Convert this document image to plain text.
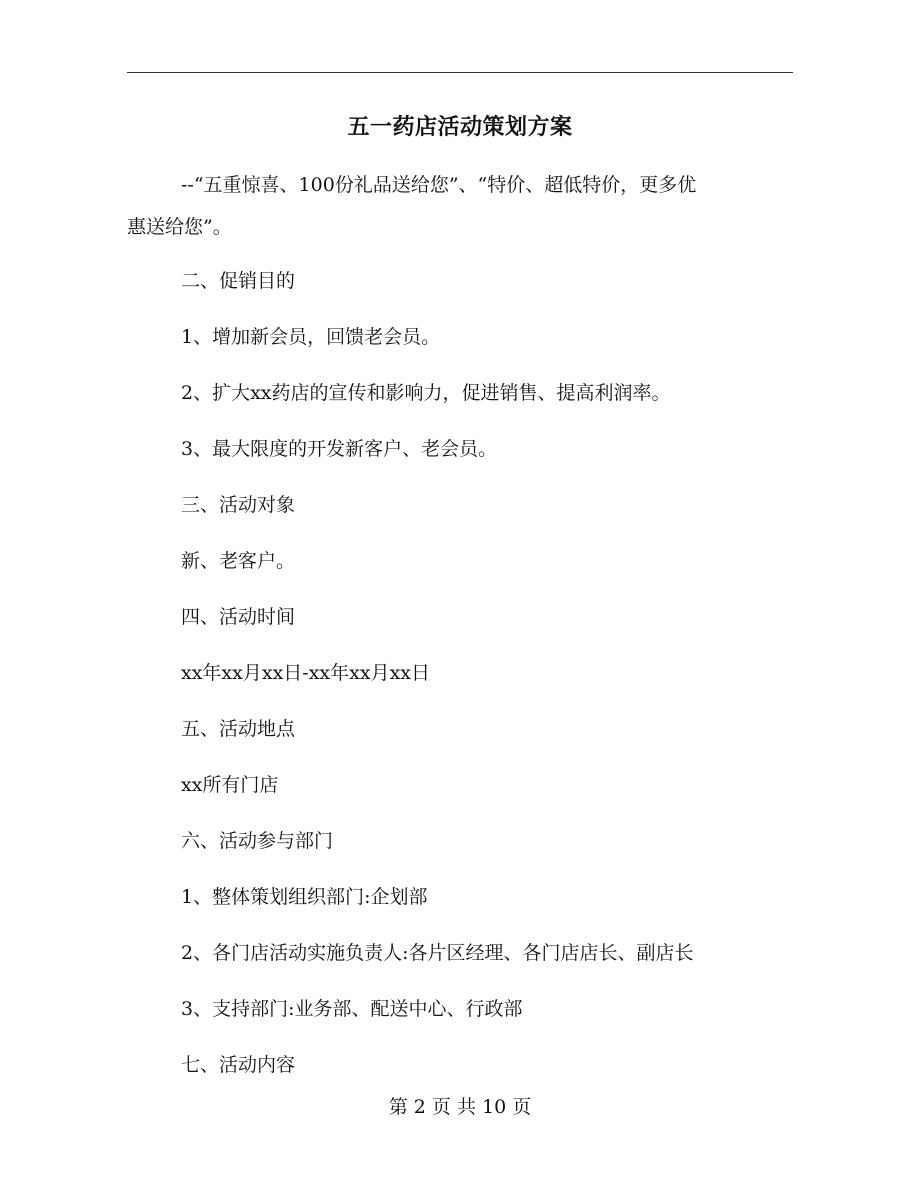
五一药店活动策划方案
--“五重惊喜、100份礼品送给您”、“特价、超低特价，更多优
惠送给您”。
二、促销目的
1、增加新会员，回馈老会员。
2、扩大xx药店的宣传和影响力，促进销售、提高利润率。
3、最大限度的开发新客户、老会员。
三、活动对象
新、老客户。
四、活动时间
xx年xx月xx日-xx年xx月xx日
五、活动地点
xx所有门店
六、活动参与部门
1、整体策划组织部门:企划部
2、各门店活动实施负责人:各片区经理、各门店店长、副店长
3、支持部门:业务部、配送中心、行政部
七、活动内容
第 2 页 共 10 页
